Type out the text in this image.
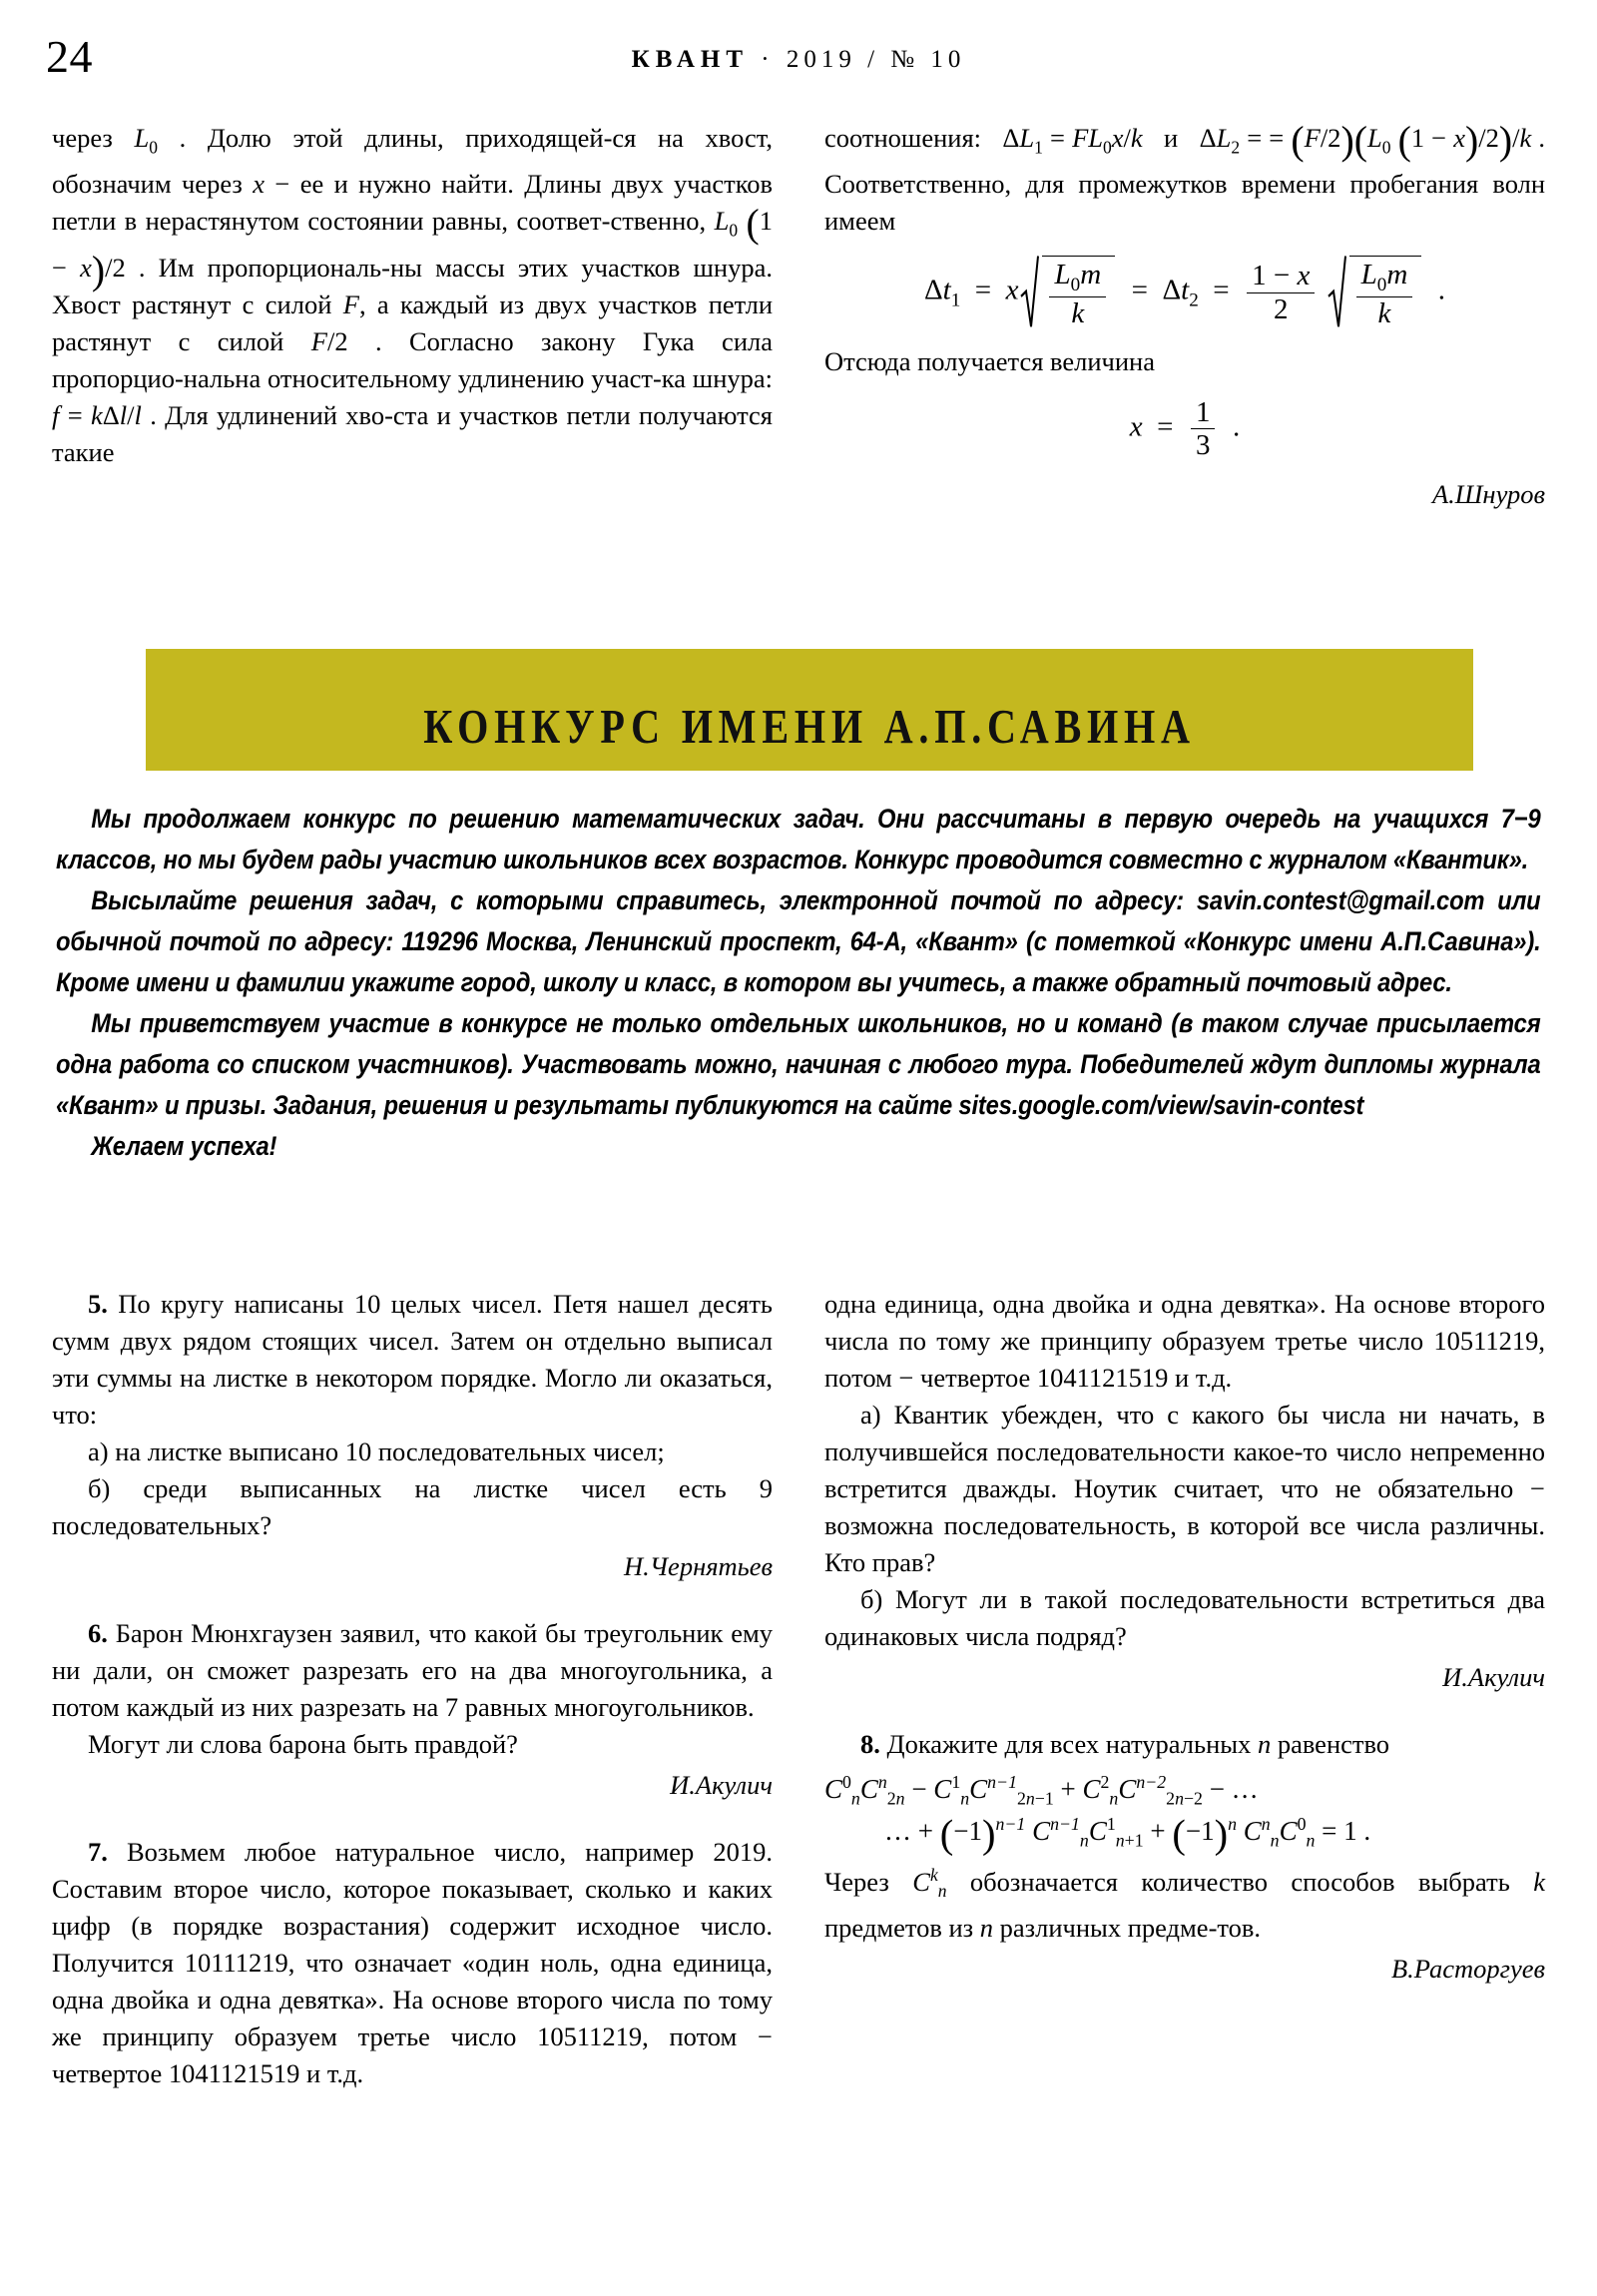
24	КВАНТ · 2019 / № 10

через $L_0$ . Долю этой длины, приходящей‑ся на хвост, обозначим через x − ее и нужно найти. Длины двух участков петли в нерастянутом состоянии равны, соответ‑ственно, $L_0$ (1 − x)/2 . Им пропорциональ‑ны массы этих участков шнура. Хвост растянут с силой F, а каждый из двух участков петли растянут с силой F/2 . Согласно закону Гука сила пропорцио‑нальна относительному удлинению участ‑ка шнура: f = kΔl/l . Для удлинений хво‑ста и участков петли получаются такие

соотношения:   $\Delta L_1 = FL_0x/k$   и   $\Delta L_2$ = = $(F/2)(L_0$ (1 − x)/2)/k . Соответственно, для промежутков времени пробегания волн имеем

$\Delta t_1 = x \frac{L_0m}{k} = \Delta t_2 = \frac{1 - x}{2}$
$\frac{L_0m}{k}$ .

Отсюда получается величина

$x = \frac{1}{3}$ .
А.Шнуров
КОНКУРС ИМЕНИ А.П.САВИНА

Мы продолжаем конкурс по решению математических задач. Они рассчитаны в первую очередь на учащихся 7−9 классов, но мы будем рады участию школьников всех возрастов. Конкурс проводится совместно с журналом «Квантик».

Высылайте решения задач, с которыми справитесь, электронной почтой по адресу: savin.contest@gmail.com или обычной почтой по адресу: 119296 Москва, Ленинский проспект, 64-А, «Квант» (с пометкой «Конкурс имени А.П.Савина»). Кроме имени и фамилии укажите город, школу и класс, в котором вы учитесь, а также обратный почтовый адрес.

Мы приветствуем участие в конкурсе не только отдельных школьников, но и команд (в таком случае присылается одна работа со списком участников). Участвовать можно, начиная с любого тура. Победителей ждут дипломы журнала «Квант» и призы. Задания, решения и результаты публикуются на сайте sites.google.com/view/savin-contest

Желаем успеха!

5. По кругу написаны 10 целых чисел. Петя нашел десять сумм двух рядом стоящих чисел. Затем он отдельно выписал эти суммы на листке в некотором порядке. Могло ли оказаться, что:

а) на листке выписано 10 последовательных чисел;

б) среди выписанных на листке чисел есть 9 последовательных?

Н.Чернятьев

6. Барон Мюнхгаузен заявил, что какой бы треугольник ему ни дали, он сможет разрезать его на два многоугольника, а потом каждый из них разрезать на 7 равных многоугольников.

Могут ли слова барона быть правдой?

И.Акулич

7. Возьмем любое натуральное число, например 2019. Составим второе число, которое показывает, сколько и каких цифр (в порядке возрастания) содержит исходное число. Получится 10111219, что означает «один ноль, одна единица, одна двойка и одна девятка». На основе второго числа по тому же принципу образуем третье число 10511219, потом − четвертое 1041121519 и т.д.

одна единица, одна двойка и одна девятка». На основе второго числа по тому же принципу образуем третье число 10511219, потом − четвертое 1041121519 и т.д.

а) Квантик убежден, что с какого бы числа ни начать, в получившейся последовательности какое-то число непременно встретится дважды. Ноутик считает, что не обязательно − возможна последовательность, в которой все числа различны. Кто прав?

б) Могут ли в такой последовательности встретиться два одинаковых числа подряд?

И.Акулич

8. Докажите для всех натуральных n равенство

$C^0_nC^n_{2n} - C^1_nC^{n-1}_{2n-1} + C^2_nC^{n-2}_{2n-2}$ − …
… + $(-1)^{n-1}$ $C^{n-1}_nC^1_{n+1} + (-1)^n$ $C^n_nC^0_n = 1$ .

Через $C^k_n$ обозначается количество способов выбрать k предметов из n различных предме‑тов.

В.Расторгуев
